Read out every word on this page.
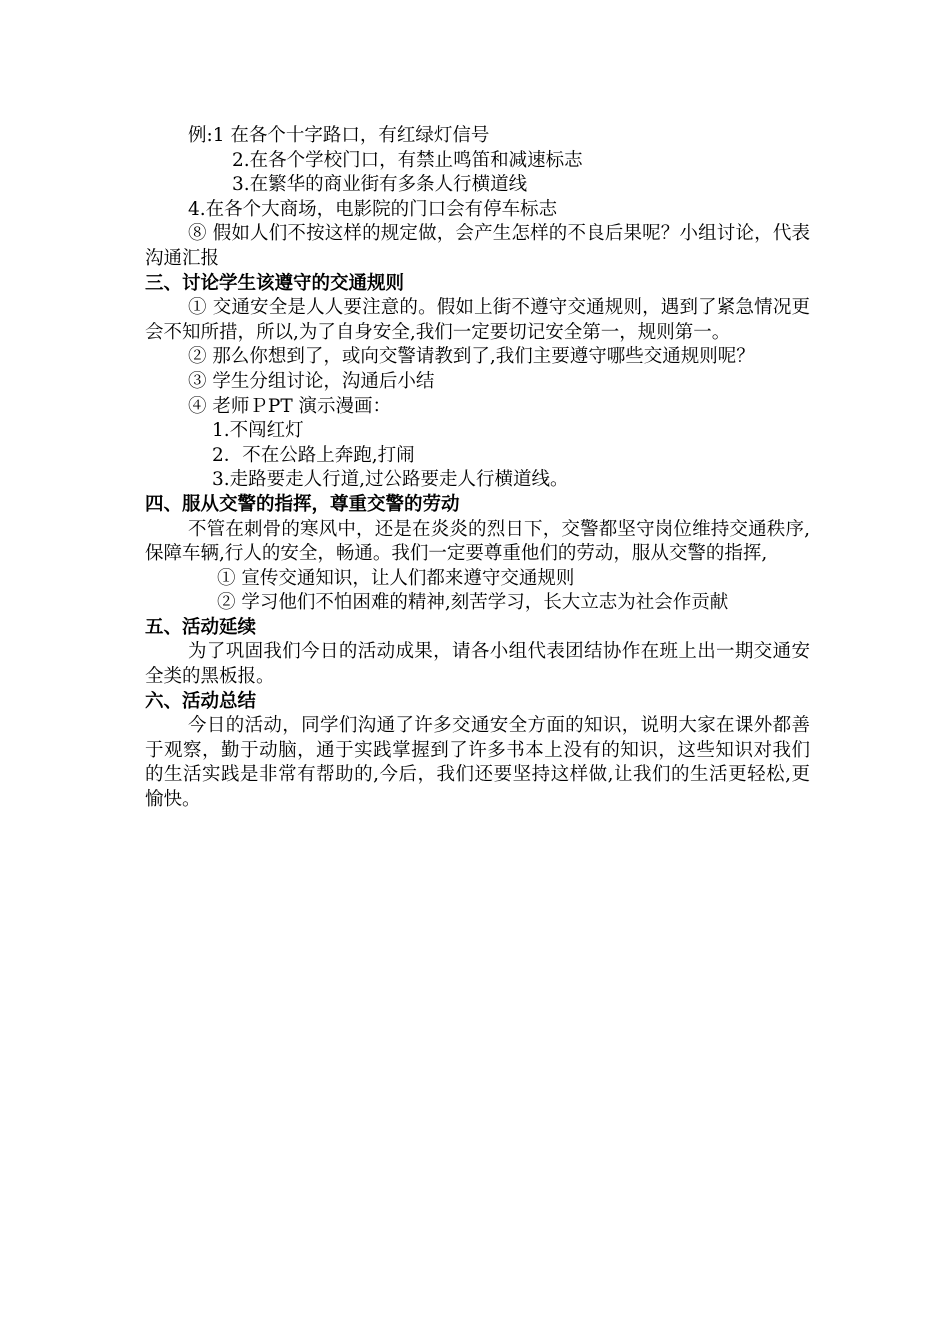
例:1 在各个十字路口，有红绿灯信号

2.在各个学校门口，有禁止鸣笛和减速标志

3.在繁华的商业街有多条人行横道线

4.在各个大商场，电影院的门口会有停车标志

⑧ 假如人们不按这样的规定做，会产生怎样的不良后果呢？小组讨论，代表沟通汇报

三、讨论学生该遵守的交通规则

① 交通安全是人人要注意的。假如上街不遵守交通规则，遇到了紧急情况更会不知所措，所以,为了自身安全,我们一定要切记安全第一，规则第一。

② 那么你想到了，或向交警请教到了,我们主要遵守哪些交通规则呢？

③ 学生分组讨论，沟通后小结

④ 老师ＰPT 演示漫画：

1.不闯红灯

2．不在公路上奔跑,打闹

3.走路要走人行道,过公路要走人行横道线。

四、服从交警的指挥，尊重交警的劳动

不管在刺骨的寒风中，还是在炎炎的烈日下，交警都坚守岗位维持交通秩序,保障车辆,行人的安全，畅通。我们一定要尊重他们的劳动，服从交警的指挥,

① 宣传交通知识，让人们都来遵守交通规则

② 学习他们不怕困难的精神,刻苦学习，长大立志为社会作贡献

五、活动延续

为了巩固我们今日的活动成果，请各小组代表团结协作在班上出一期交通安全类的黑板报。

六、活动总结

今日的活动，同学们沟通了许多交通安全方面的知识，说明大家在课外都善于观察，勤于动脑，通于实践掌握到了许多书本上没有的知识，这些知识对我们的生活实践是非常有帮助的,今后，我们还要坚持这样做,让我们的生活更轻松,更愉快。
